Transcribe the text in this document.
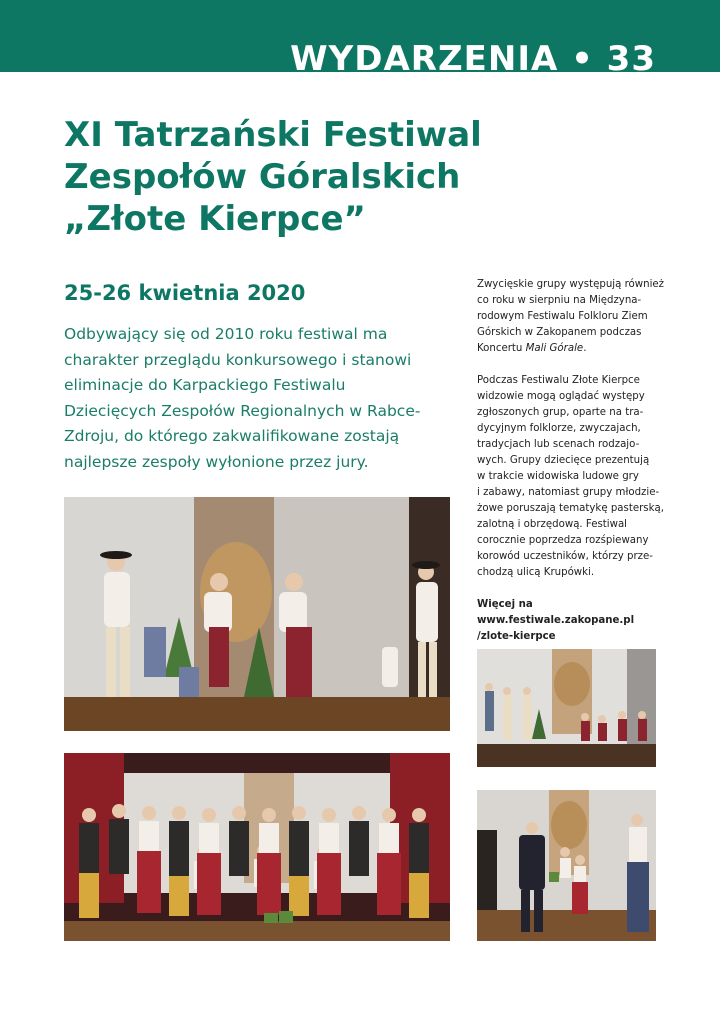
WYDARZENIA • 33
XI Tatrzański Festiwal
Zespołów Góralskich
„Złote Kierpce”
25-26 kwietnia 2020
Odbywający się od 2010 roku festiwal ma
charakter przeglądu konkursowego i stanowi
eliminacje do Karpackiego Festiwalu
Dziecięcych Zespołów Regionalnych w Rabce-
Zdroju, do którego zakwalifikowane zostają
najlepsze zespoły wyłonione przez jury.
Zwycięskie grupy występują również
co roku w sierpniu na Międzyna-
rodowym Festiwalu Folkloru Ziem
Górskich w Zakopanem podczas
Koncertu Mali Górale.
Podczas Festiwalu Złote Kierpce
widzowie mogą oglądać występy
zgłoszonych grup, oparte na tra-
dycyjnym folklorze, zwyczajach,
tradycjach lub scenach rodzajo-
wych. Grupy dziecięce prezentują
w trakcie widowiska ludowe gry
i zabawy, natomiast grupy młodzie-
żowe poruszają tematykę pasterską,
zalotną i obrzędową. Festiwal
corocznie poprzedza rozśpiewany
korowód uczestników, którzy prze-
chodzą ulicą Krupówki.
Więcej na
www.festiwale.zakopane.pl
/zlote-kierpce
